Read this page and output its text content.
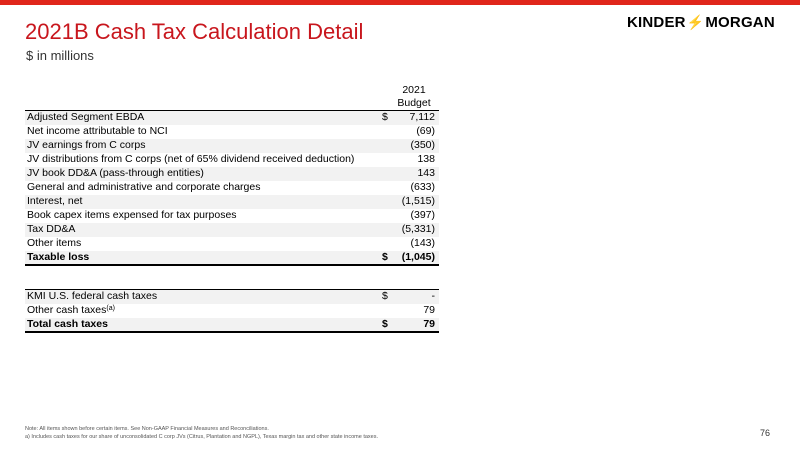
2021B Cash Tax Calculation Detail
$ in millions
KINDER⚡MORGAN
2021
Budget
Adjusted Segment EBDA	$	7,112
Net income attributable to NCI		(69)
JV earnings from C corps		(350)
JV distributions from C corps (net of 65% dividend received deduction)		138
JV book DD&A (pass-through entities)		143
General and administrative and corporate charges		(633)
Interest, net		(1,515)
Book capex items expensed for tax purposes		(397)
Tax DD&A		(5,331)
Other items		(143)
Taxable loss	$	(1,045)
KMI U.S. federal cash taxes	$	-
Other cash taxes$^{(a)}$		79
Total cash taxes	$	79
Note: All items shown before certain items. See Non-GAAP Financial Measures and Reconciliations.
a) Includes cash taxes for our share of unconsolidated C corp JVs (Citrus, Plantation and NGPL), Texas margin tax and other state income taxes.	76
